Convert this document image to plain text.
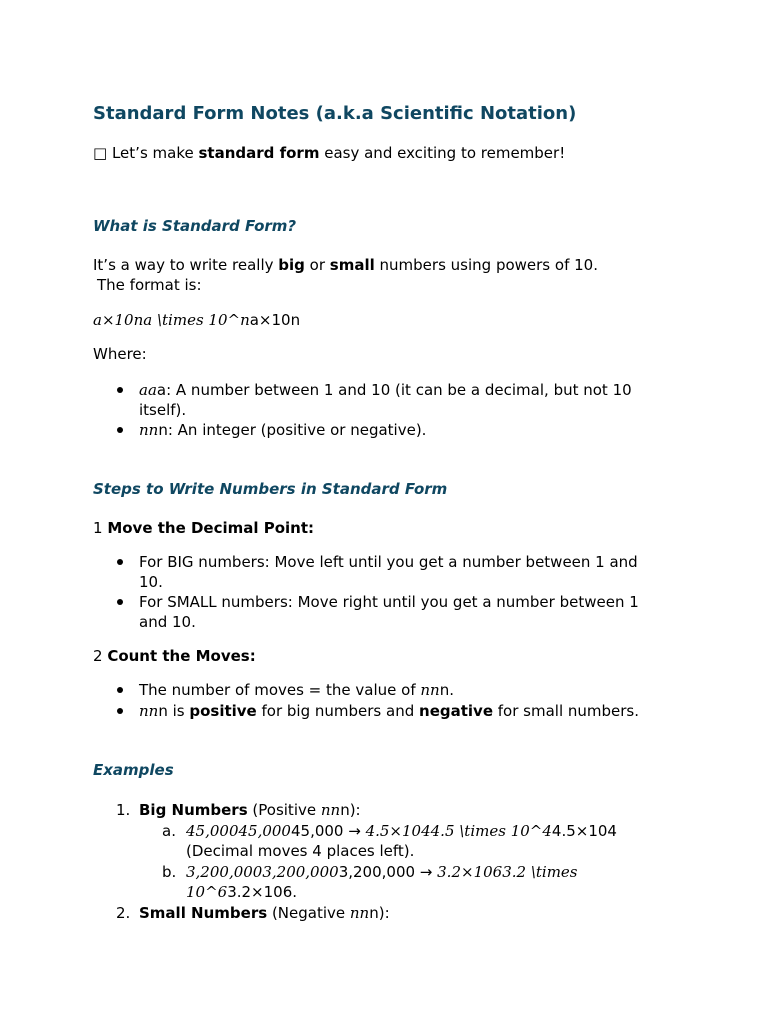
Standard Form Notes (a.k.a Scientific Notation)
□ Let’s make standard form easy and exciting to remember!
What is Standard Form?
It’s a way to write really big or small numbers using powers of 10.
The format is:
a×10na \times 10^na×10n
Where:
aaa: A number between 1 and 10 (it can be a decimal, but not 10
itself).
nnn: An integer (positive or negative).
Steps to Write Numbers in Standard Form
1 Move the Decimal Point:
For BIG numbers: Move left until you get a number between 1 and
10.
For SMALL numbers: Move right until you get a number between 1
and 10.
2 Count the Moves:
The number of moves = the value of nnn.
nnn is positive for big numbers and negative for small numbers.
Examples
1. Big Numbers (Positive nnn):
a. 45,00045,00045,000 → 4.5×1044.5 \times 10^44.5×104
(Decimal moves 4 places left).
b. 3,200,0003,200,0003,200,000 → 3.2×1063.2 \times
10^63.2×106.
2. Small Numbers (Negative nnn):
